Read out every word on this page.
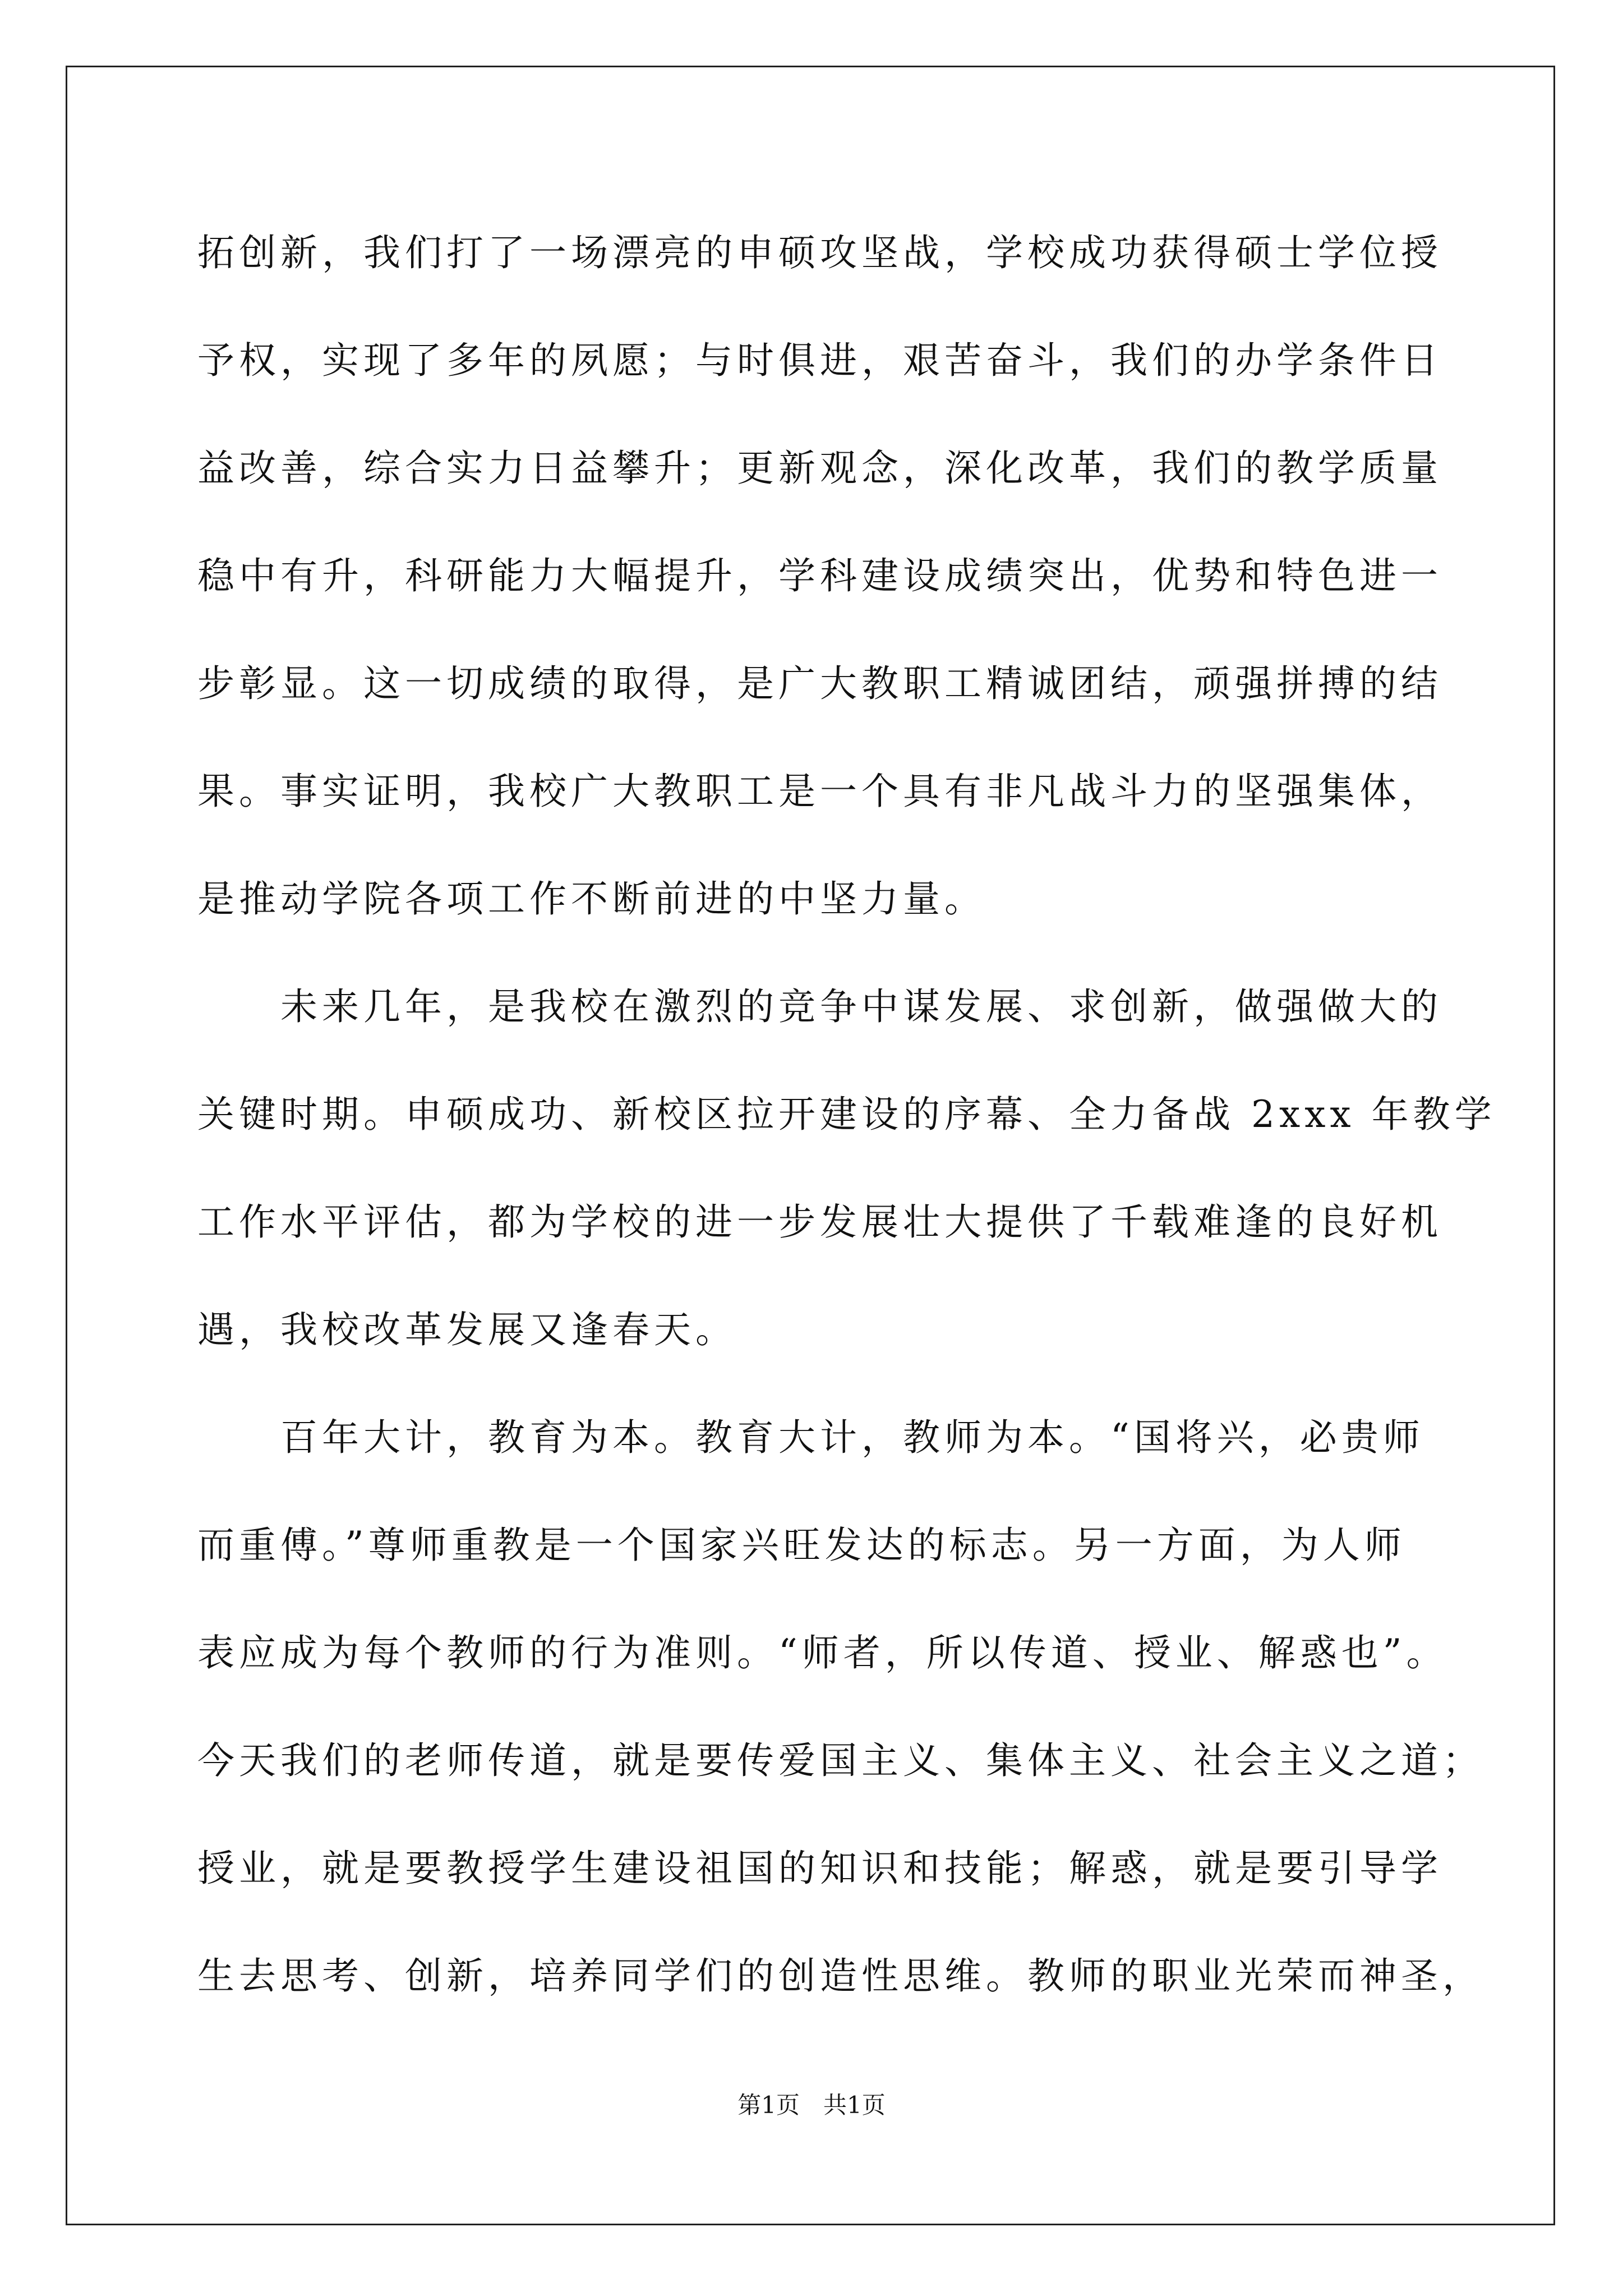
拓创新，我们打了一场漂亮的申硕攻坚战，学校成功获得硕士学位授
予权，实现了多年的夙愿；与时俱进，艰苦奋斗，我们的办学条件日
益改善，综合实力日益攀升；更新观念，深化改革，我们的教学质量
稳中有升，科研能力大幅提升，学科建设成绩突出，优势和特色进一
步彰显。这一切成绩的取得，是广大教职工精诚团结，顽强拼搏的结
果。事实证明，我校广大教职工是一个具有非凡战斗力的坚强集体，
是推动学院各项工作不断前进的中坚力量。

未来几年，是我校在激烈的竞争中谋发展、求创新，做强做大的
关键时期。申硕成功、新校区拉开建设的序幕、全力备战 2xxx 年教学
工作水平评估，都为学校的进一步发展壮大提供了千载难逢的良好机
遇，我校改革发展又逢春天。

百年大计，教育为本。教育大计，教师为本。“国将兴，必贵师
而重傅。”尊师重教是一个国家兴旺发达的标志。另一方面，为人师
表应成为每个教师的行为准则。“师者，所以传道、授业、解惑也”。
今天我们的老师传道，就是要传爱国主义、集体主义、社会主义之道；
授业，就是要教授学生建设祖国的知识和技能；解惑，就是要引导学
生去思考、创新，培养同学们的创造性思维。教师的职业光荣而神圣，

第1页　共1页
